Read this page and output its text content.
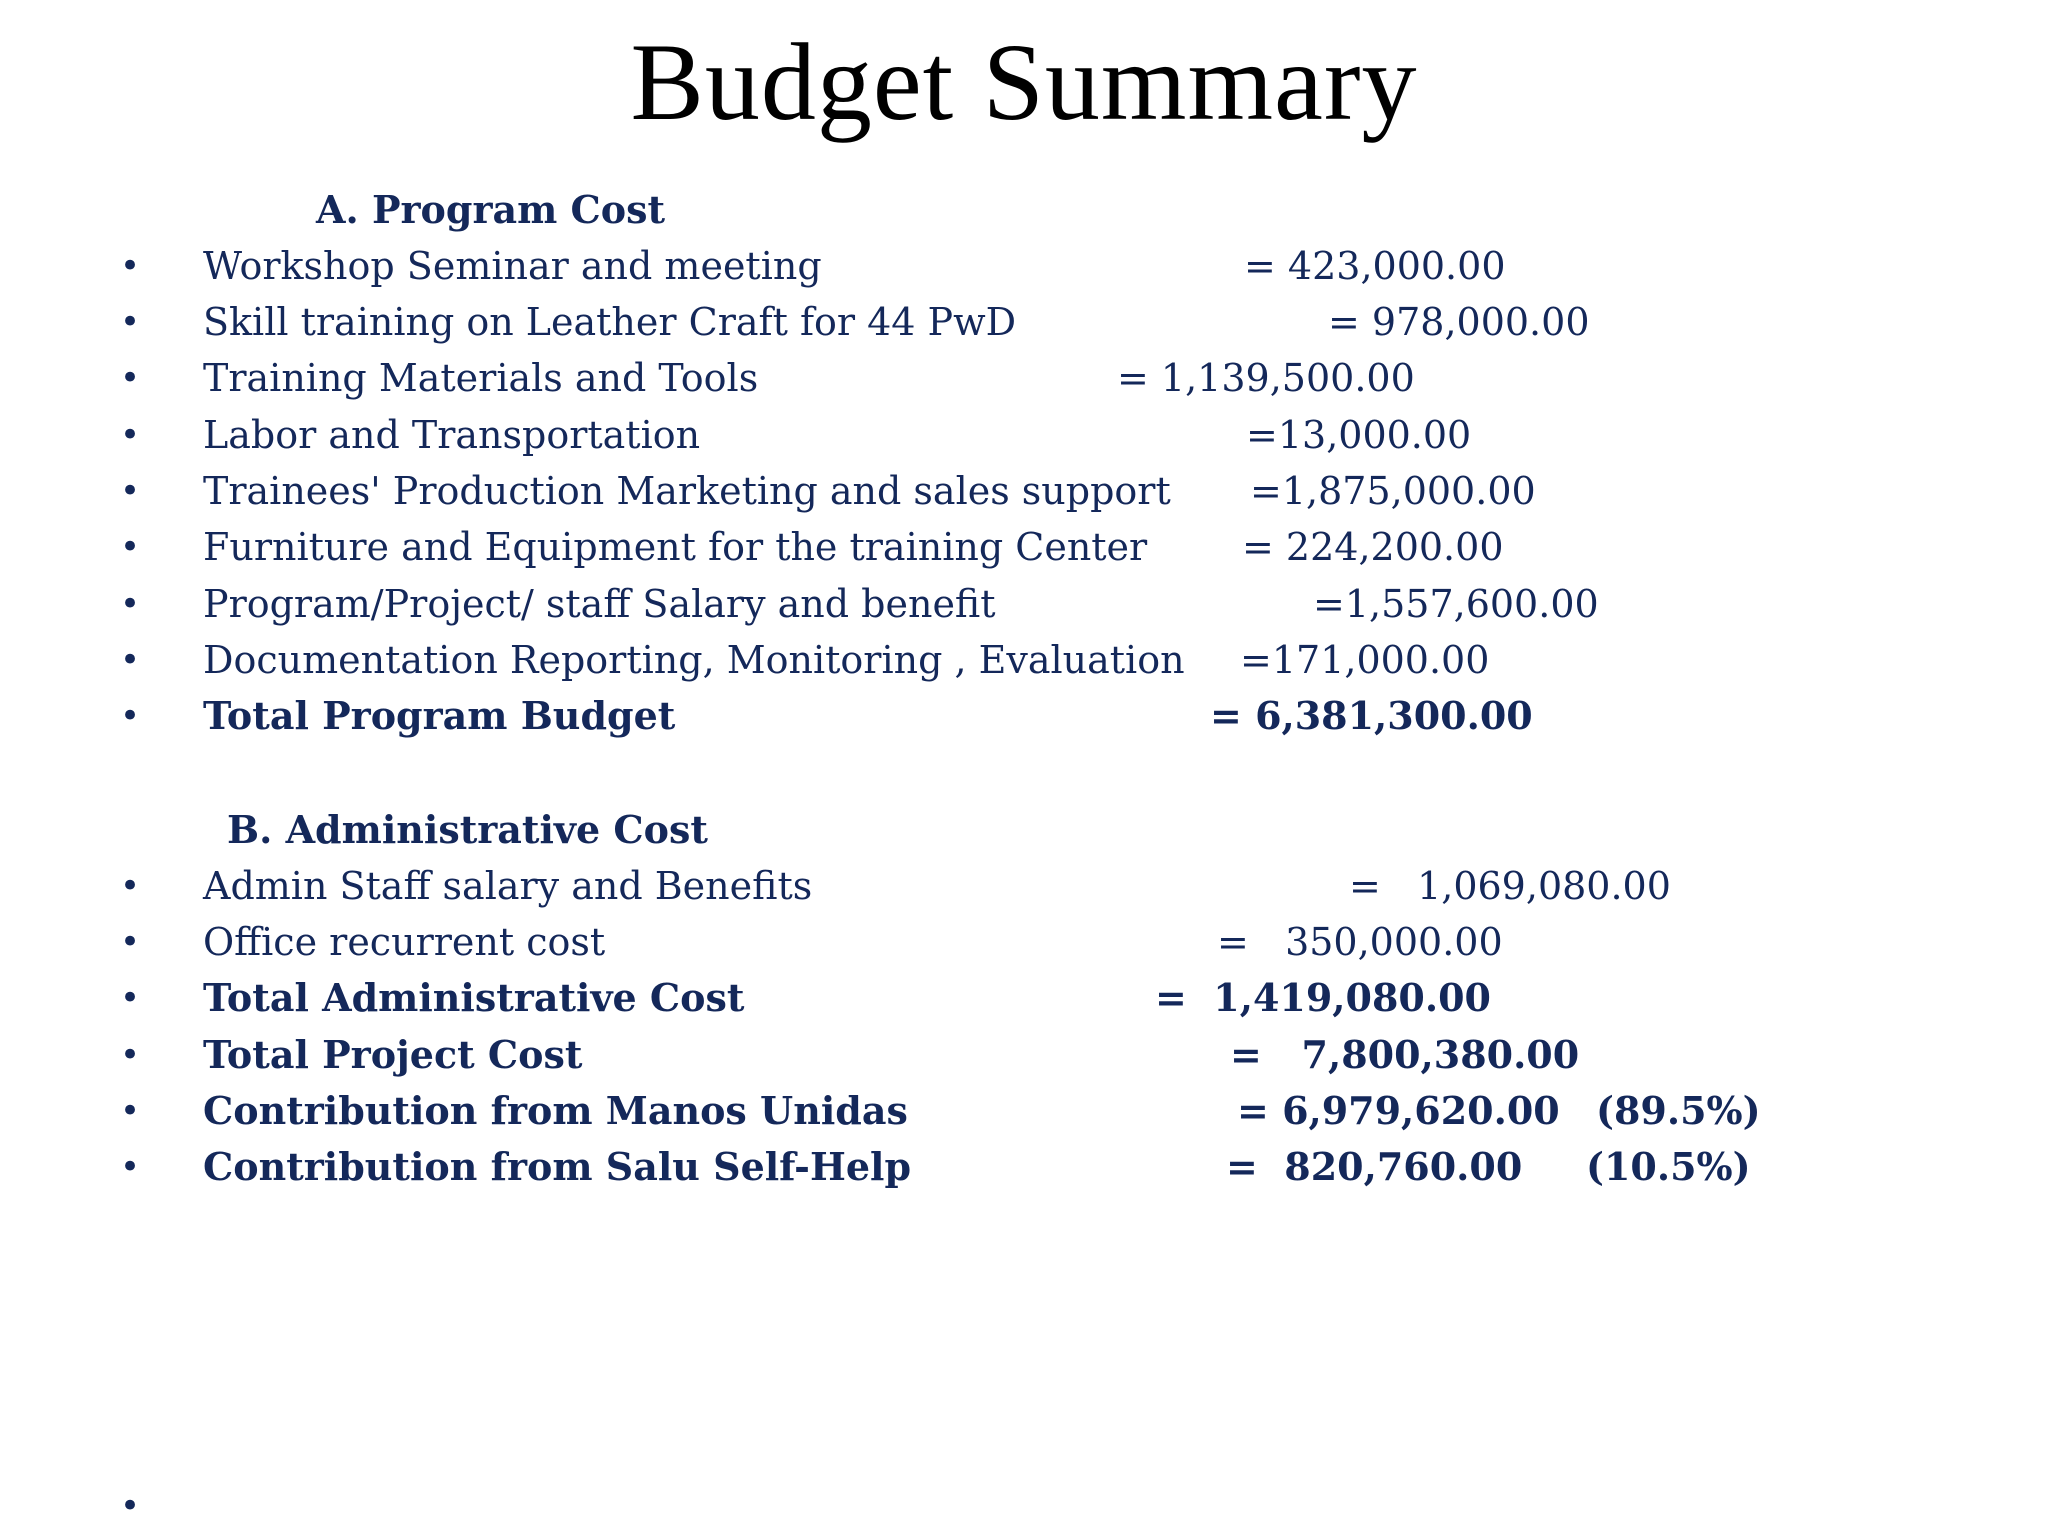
Budget Summary
A. Program Cost
• Workshop Seminar and meeting	= 423,000.00
• Skill training on Leather Craft for 44 PwD	= 978,000.00
• Training Materials and Tools	= 1,139,500.00
• Labor and Transportation	=13,000.00
• Trainees' Production Marketing and sales support =1,875,000.00
• Furniture and Equipment for the training Center = 224,200.00
• Program/Project/ staff Salary and benefit	=1,557,600.00
• Documentation Reporting, Monitoring , Evaluation =171,000.00
• Total Program Budget	= 6,381,300.00
B. Administrative Cost
• Admin Staff salary and Benefits	=   1,069,080.00
• Office recurrent cost	=   350,000.00
• Total Administrative Cost	=  1,419,080.00
• Total Project Cost	=   7,800,380.00
• Contribution from Manos Unidas	= 6,979,620.00 (89.5%)
• Contribution from Salu Self-Help	=  820,760.00 (10.5%)
•
